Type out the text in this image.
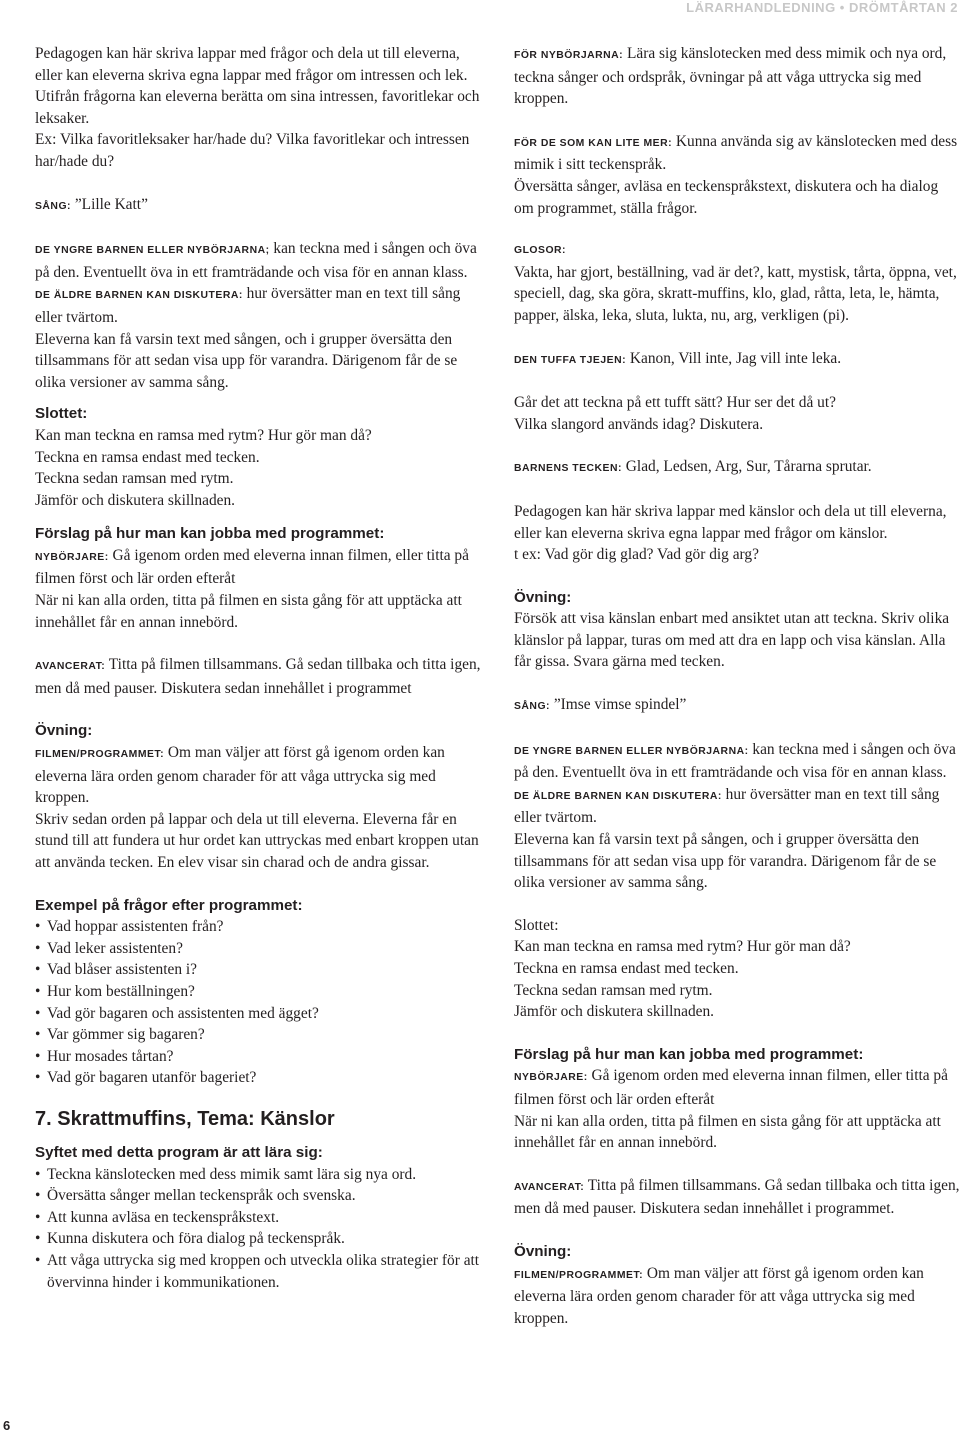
LÄRARHANDLEDNING • DRÖMTÅRTAN 2

Pedagogen kan här skriva lappar med frågor och dela ut till eleverna, eller kan eleverna skriva egna lappar med frågor om intressen och lek.

Utifrån frågorna kan eleverna berätta om sina intressen, favoritlekar och leksaker.

Ex: Vilka favoritleksaker har/hade du? Vilka favoritlekar och intressen har/hade du?

SÅNG: ”Lille Katt”

DE YNGRE BARNEN ELLER NYBÖRJARNA; kan teckna med i sången och öva på den. Eventuellt öva in ett framträdande och visa för en annan klass.

DE ÄLDRE BARNEN KAN DISKUTERA: hur översätter man en text till sång eller tvärtom.

Eleverna kan få varsin text med sången, och i grupper översätta den tillsammans för att sedan visa upp för varandra. Därigenom får de se olika versioner av samma sång.

Slottet:

Kan man teckna en ramsa med rytm? Hur gör man då?

Teckna en ramsa endast med tecken.

Teckna sedan ramsan med rytm.

Jämför och diskutera skillnaden.

Förslag på hur man kan jobba med programmet:

NYBÖRJARE: Gå igenom orden med eleverna innan filmen, eller titta på filmen först och lär orden efteråt

När ni kan alla orden, titta på filmen en sista gång för att upptäcka att innehållet får en annan innebörd.

AVANCERAT: Titta på filmen tillsammans. Gå sedan tillbaka och titta igen, men då med pauser. Diskutera sedan innehållet i programmet

Övning:

FILMEN/PROGRAMMET: Om man väljer att först gå igenom orden kan eleverna lära orden genom charader för att våga uttrycka sig med kroppen.

Skriv sedan orden på lappar och dela ut till eleverna. Eleverna får en stund till att fundera ut hur ordet kan uttryckas med enbart kroppen utan att använda tecken. En elev visar sin charad och de andra gissar.

Exempel på frågor efter programmet:

• Vad hoppar assistenten från?
• Vad leker assistenten?
• Vad blåser assistenten i?
• Hur kom beställningen?
• Vad gör bagaren och assistenten med ägget?
• Var gömmer sig bagaren?
• Hur mosades tårtan?
• Vad gör bagaren utanför bageriet?

7. Skrattmuffins, Tema: Känslor

Syftet med detta program är att lära sig:

• Teckna känslotecken med dess mimik samt lära sig nya ord.
• Översätta sånger mellan teckenspråk och svenska.
• Att kunna avläsa en teckenspråkstext.
• Kunna diskutera och föra dialog på teckenspråk.
• Att våga uttrycka sig med kroppen och utveckla olika strategier för att övervinna hinder i kommunikationen.

FÖR NYBÖRJARNA: Lära sig känslotecken med dess mimik och nya ord, teckna sånger och ordspråk, övningar på att våga uttrycka sig med kroppen.

FÖR DE SOM KAN LITE MER: Kunna använda sig av känslotecken med dess mimik i sitt teckenspråk.

Översätta sånger, avläsa en teckenspråkstext, diskutera och ha dialog om programmet, ställa frågor.

GLOSOR:

Vakta, har gjort, beställning, vad är det?, katt, mystisk, tårta, öppna, vet, speciell, dag, ska göra, skratt-muffins, klo, glad, råtta, leta, le, hämta, papper, älska, leka, sluta, lukta, nu, arg, verkligen (pi).

DEN TUFFA TJEJEN: Kanon, Vill inte, Jag vill inte leka.

Går det att teckna på ett tufft sätt? Hur ser det då ut?

Vilka slangord används idag? Diskutera.

BARNENS TECKEN: Glad, Ledsen, Arg, Sur, Tårarna sprutar.

Pedagogen kan här skriva lappar med känslor och dela ut till eleverna, eller kan eleverna skriva egna lappar med frågor om känslor.

t ex: Vad gör dig glad? Vad gör dig arg?

Övning:

Försök att visa känslan enbart med ansiktet utan att teckna. Skriv olika klänslor på lappar, turas om med att dra en lapp och visa känslan. Alla får gissa. Svara gärna med tecken.

SÅNG: ”Imse vimse spindel”

DE YNGRE BARNEN ELLER NYBÖRJARNA: kan teckna med i sången och öva på den. Eventuellt öva in ett framträdande och visa för en annan klass.

DE ÄLDRE BARNEN KAN DISKUTERA: hur översätter man en text till sång eller tvärtom.

Eleverna kan få varsin text på sången, och i grupper översätta den tillsammans för att sedan visa upp för varandra. Därigenom får de se olika versioner av samma sång.

Slottet:

Kan man teckna en ramsa med rytm? Hur gör man då?

Teckna en ramsa endast med tecken.

Teckna sedan ramsan med rytm.

Jämför och diskutera skillnaden.

Förslag på hur man kan jobba med programmet:

NYBÖRJARE: Gå igenom orden med eleverna innan filmen, eller titta på filmen först och lär orden efteråt

När ni kan alla orden, titta på filmen en sista gång för att upptäcka att innehållet får en annan innebörd.

AVANCERAT: Titta på filmen tillsammans. Gå sedan tillbaka och titta igen, men då med pauser. Diskutera sedan innehållet i programmet.

Övning:

FILMEN/PROGRAMMET: Om man väljer att först gå igenom orden kan eleverna lära orden genom charader för att våga uttrycka sig med kroppen.

6
